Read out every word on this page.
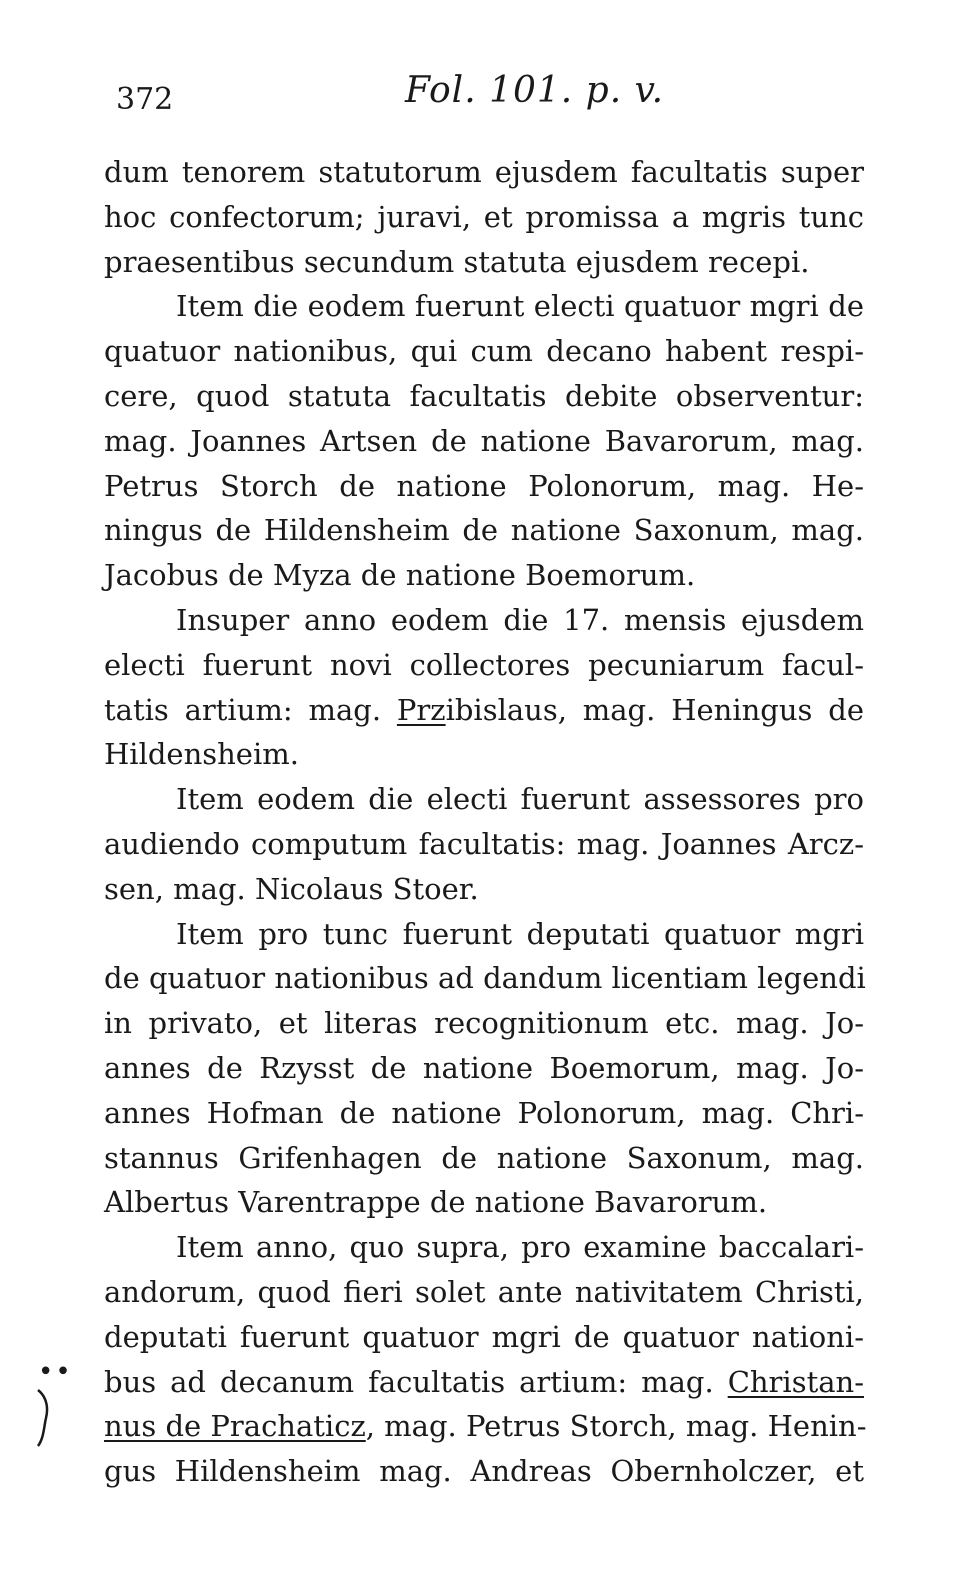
372	Fol. 101. p. v.
dum tenorem statutorum ejusdem facultatis super
hoc confectorum; juravi, et promissa a mgris tunc
praesentibus secundum statuta ejusdem recepi.
Item die eodem fuerunt electi quatuor mgri de
quatuor nationibus, qui cum decano habent respi-
cere, quod statuta facultatis debite observentur:
mag. Joannes Artsen de natione Bavarorum, mag.
Petrus Storch de natione Polonorum, mag. He-
ningus de Hildensheim de natione Saxonum, mag.
Jacobus de Myza de natione Boemorum.
Insuper anno eodem die 17. mensis ejusdem
electi fuerunt novi collectores pecuniarum facul-
tatis artium: mag. Przibislaus, mag. Heningus de
Hildensheim.
Item eodem die electi fuerunt assessores pro
audiendo computum facultatis: mag. Joannes Arcz-
sen, mag. Nicolaus Stoer.
Item pro tunc fuerunt deputati quatuor mgri
de quatuor nationibus ad dandum licentiam legendi
in privato, et literas recognitionum etc. mag. Jo-
annes de Rzysst de natione Boemorum, mag. Jo-
annes Hofman de natione Polonorum, mag. Chri-
stannus Grifenhagen de natione Saxonum, mag.
Albertus Varentrappe de natione Bavarorum.
Item anno, quo supra, pro examine baccalari-
andorum, quod fieri solet ante nativitatem Christi,
deputati fuerunt quatuor mgri de quatuor nationi-
bus ad decanum facultatis artium: mag. Christan-
nus de Prachaticz, mag. Petrus Storch, mag. Henin-
gus Hildensheim mag. Andreas Obernholczer, et
••
